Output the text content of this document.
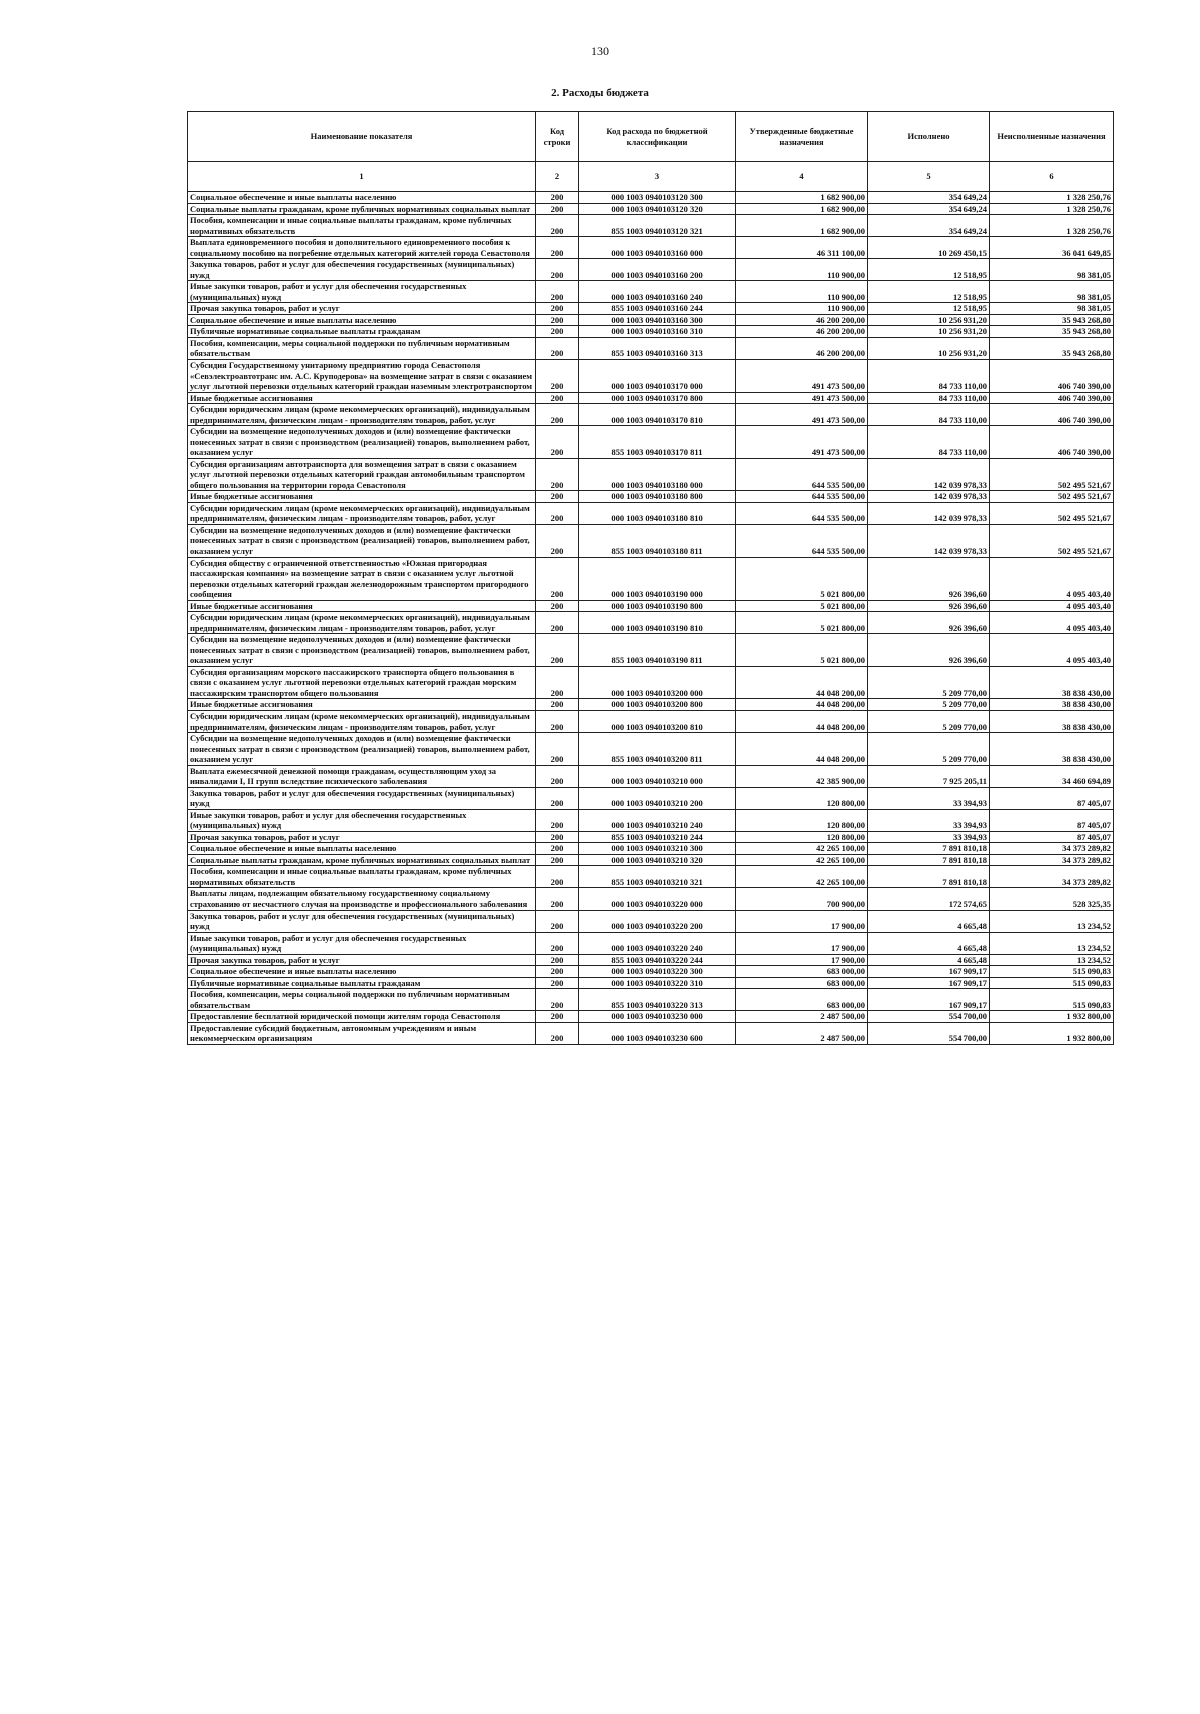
130
2. Расходы бюджета
Наименование показателя	Код строки	Код расхода по бюджетной классификации	Утвержденные бюджетные назначения	Исполнено	Неисполненные назначения
1	2	3	4	5	6
Социальное обеспечение и иные выплаты населению	200	000 1003 0940103120 300	1 682 900,00	354 649,24	1 328 250,76
Социальные выплаты гражданам, кроме публичных нормативных социальных выплат	200	000 1003 0940103120 320	1 682 900,00	354 649,24	1 328 250,76
Пособия, компенсации и иные социальные выплаты гражданам, кроме публичных нормативных обязательств	200	855 1003 0940103120 321	1 682 900,00	354 649,24	1 328 250,76
Выплата единовременного пособия и дополнительного единовременного пособия к социальному пособию на погребение отдельных категорий жителей города Севастополя	200	000 1003 0940103160 000	46 311 100,00	10 269 450,15	36 041 649,85
Закупка товаров, работ и услуг для обеспечения государственных (муниципальных) нужд	200	000 1003 0940103160 200	110 900,00	12 518,95	98 381,05
Иные закупки товаров, работ и услуг для обеспечения государственных (муниципальных) нужд	200	000 1003 0940103160 240	110 900,00	12 518,95	98 381,05
Прочая закупка товаров, работ и услуг	200	855 1003 0940103160 244	110 900,00	12 518,95	98 381,05
Социальное обеспечение и иные выплаты населению	200	000 1003 0940103160 300	46 200 200,00	10 256 931,20	35 943 268,80
Публичные нормативные социальные выплаты гражданам	200	000 1003 0940103160 310	46 200 200,00	10 256 931,20	35 943 268,80
Пособия, компенсации, меры социальной поддержки по публичным нормативным обязательствам	200	855 1003 0940103160 313	46 200 200,00	10 256 931,20	35 943 268,80
Субсидия Государственному унитарному предприятию города Севастополя «Севэлектроавтотранс им. А.С. Круподерова» на возмещение затрат в связи с оказанием услуг льготной перевозки отдельных категорий граждан наземным электротранспортом	200	000 1003 0940103170 000	491 473 500,00	84 733 110,00	406 740 390,00
Иные бюджетные ассигнования	200	000 1003 0940103170 800	491 473 500,00	84 733 110,00	406 740 390,00
Субсидии юридическим лицам (кроме некоммерческих организаций), индивидуальным предпринимателям, физическим лицам - производителям товаров, работ, услуг	200	000 1003 0940103170 810	491 473 500,00	84 733 110,00	406 740 390,00
Субсидии на возмещение недополученных доходов и (или) возмещение фактически понесенных затрат в связи с производством (реализацией) товаров, выполнением работ, оказанием услуг	200	855 1003 0940103170 811	491 473 500,00	84 733 110,00	406 740 390,00
Субсидия организациям автотранспорта для возмещения затрат в связи с оказанием услуг льготной перевозки отдельных категорий граждан автомобильным транспортом общего пользования на территории города Севастополя	200	000 1003 0940103180 000	644 535 500,00	142 039 978,33	502 495 521,67
Иные бюджетные ассигнования	200	000 1003 0940103180 800	644 535 500,00	142 039 978,33	502 495 521,67
Субсидии юридическим лицам (кроме некоммерческих организаций), индивидуальным предпринимателям, физическим лицам - производителям товаров, работ, услуг	200	000 1003 0940103180 810	644 535 500,00	142 039 978,33	502 495 521,67
Субсидии на возмещение недополученных доходов и (или) возмещение фактически понесенных затрат в связи с производством (реализацией) товаров, выполнением работ, оказанием услуг	200	855 1003 0940103180 811	644 535 500,00	142 039 978,33	502 495 521,67
Субсидия обществу с ограниченной ответственностью «Южная пригородная пассажирская компания» на возмещение затрат в связи с оказанием услуг льготной перевозки отдельных категорий граждан железнодорожным транспортом пригородного сообщения	200	000 1003 0940103190 000	5 021 800,00	926 396,60	4 095 403,40
Иные бюджетные ассигнования	200	000 1003 0940103190 800	5 021 800,00	926 396,60	4 095 403,40
Субсидии юридическим лицам (кроме некоммерческих организаций), индивидуальным предпринимателям, физическим лицам - производителям товаров, работ, услуг	200	000 1003 0940103190 810	5 021 800,00	926 396,60	4 095 403,40
Субсидии на возмещение недополученных доходов и (или) возмещение фактически понесенных затрат в связи с производством (реализацией) товаров, выполнением работ, оказанием услуг	200	855 1003 0940103190 811	5 021 800,00	926 396,60	4 095 403,40
Субсидия организациям морского пассажирского транспорта общего пользования в связи с оказанием услуг льготной перевозки отдельных категорий граждан морским пассажирским транспортом общего пользования	200	000 1003 0940103200 000	44 048 200,00	5 209 770,00	38 838 430,00
Иные бюджетные ассигнования	200	000 1003 0940103200 800	44 048 200,00	5 209 770,00	38 838 430,00
Субсидии юридическим лицам (кроме некоммерческих организаций), индивидуальным предпринимателям, физическим лицам - производителям товаров, работ, услуг	200	000 1003 0940103200 810	44 048 200,00	5 209 770,00	38 838 430,00
Субсидии на возмещение недополученных доходов и (или) возмещение фактически понесенных затрат в связи с производством (реализацией) товаров, выполнением работ, оказанием услуг	200	855 1003 0940103200 811	44 048 200,00	5 209 770,00	38 838 430,00
Выплата ежемесячной денежной помощи гражданам, осуществляющим уход за инвалидами I, II групп вследствие психического заболевания	200	000 1003 0940103210 000	42 385 900,00	7 925 205,11	34 460 694,89
Закупка товаров, работ и услуг для обеспечения государственных (муниципальных) нужд	200	000 1003 0940103210 200	120 800,00	33 394,93	87 405,07
Иные закупки товаров, работ и услуг для обеспечения государственных (муниципальных) нужд	200	000 1003 0940103210 240	120 800,00	33 394,93	87 405,07
Прочая закупка товаров, работ и услуг	200	855 1003 0940103210 244	120 800,00	33 394,93	87 405,07
Социальное обеспечение и иные выплаты населению	200	000 1003 0940103210 300	42 265 100,00	7 891 810,18	34 373 289,82
Социальные выплаты гражданам, кроме публичных нормативных социальных выплат	200	000 1003 0940103210 320	42 265 100,00	7 891 810,18	34 373 289,82
Пособия, компенсации и иные социальные выплаты гражданам, кроме публичных нормативных обязательств	200	855 1003 0940103210 321	42 265 100,00	7 891 810,18	34 373 289,82
Выплаты лицам, подлежащим обязательному государственному социальному страхованию от несчастного случая на производстве и профессионального заболевания	200	000 1003 0940103220 000	700 900,00	172 574,65	528 325,35
Закупка товаров, работ и услуг для обеспечения государственных (муниципальных) нужд	200	000 1003 0940103220 200	17 900,00	4 665,48	13 234,52
Иные закупки товаров, работ и услуг для обеспечения государственных (муниципальных) нужд	200	000 1003 0940103220 240	17 900,00	4 665,48	13 234,52
Прочая закупка товаров, работ и услуг	200	855 1003 0940103220 244	17 900,00	4 665,48	13 234,52
Социальное обеспечение и иные выплаты населению	200	000 1003 0940103220 300	683 000,00	167 909,17	515 090,83
Публичные нормативные социальные выплаты гражданам	200	000 1003 0940103220 310	683 000,00	167 909,17	515 090,83
Пособия, компенсации, меры социальной поддержки по публичным нормативным обязательствам	200	855 1003 0940103220 313	683 000,00	167 909,17	515 090,83
Предоставление бесплатной юридической помощи жителям города Севастополя	200	000 1003 0940103230 000	2 487 500,00	554 700,00	1 932 800,00
Предоставление субсидий бюджетным, автономным учреждениям и иным некоммерческим организациям	200	000 1003 0940103230 600	2 487 500,00	554 700,00	1 932 800,00
